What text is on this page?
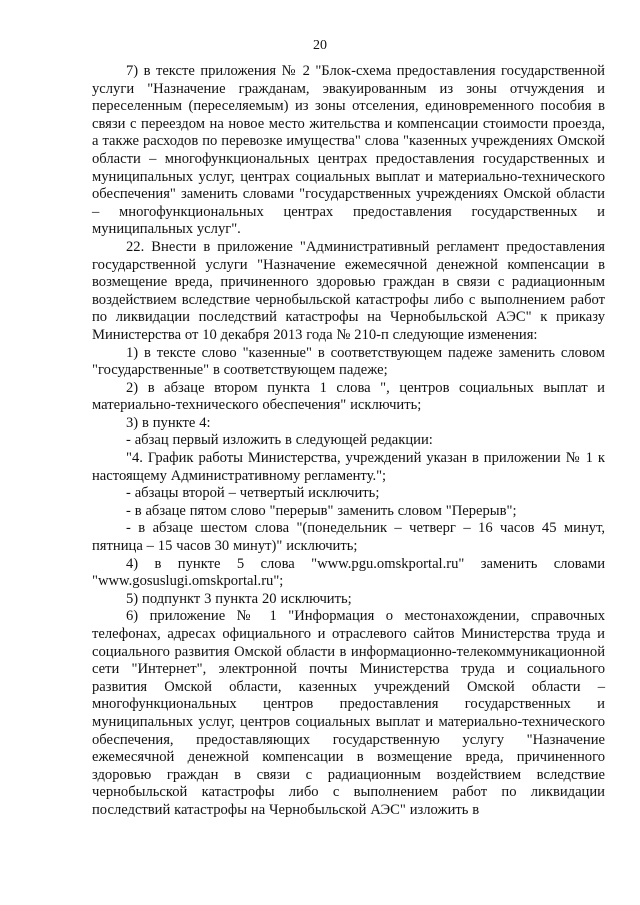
20

7) в тексте приложения № 2 "Блок-схема предоставления государственной услуги "Назначение гражданам, эвакуированным из зоны отчуждения и переселенным (переселяемым) из зоны отселения, единовременного пособия в связи с переездом на новое место жительства и компенсации стоимости проезда, а также расходов по перевозке имущества" слова "казенных учреждениях Омской области – многофункциональных центрах предоставления государственных и муниципальных услуг, центрах социальных выплат и материально-технического обеспечения" заменить словами "государственных учреждениях Омской области – многофункциональных центрах предоставления государственных и муниципальных услуг".

22. Внести в приложение "Административный регламент предоставления государственной услуги "Назначение ежемесячной денежной компенсации в возмещение вреда, причиненного здоровью граждан в связи с радиационным воздействием вследствие чернобыльской катастрофы либо с выполнением работ по ликвидации последствий катастрофы на Чернобыльской АЭС" к приказу Министерства от 10 декабря 2013 года № 210-п следующие изменения:

1) в тексте слово "казенные" в соответствующем падеже заменить словом "государственные" в соответствующем падеже;

2) в абзаце втором пункта 1 слова ", центров социальных выплат и материально-технического обеспечения" исключить;

3) в пункте 4:

- абзац первый изложить в следующей редакции:

"4. График работы Министерства, учреждений указан в приложении № 1 к настоящему Административному регламенту.";

- абзацы второй – четвертый исключить;

- в абзаце пятом слово "перерыв" заменить словом "Перерыв";

- в абзаце шестом слова "(понедельник – четверг – 16 часов 45 минут, пятница – 15 часов 30 минут)" исключить;

4) в пункте 5 слова "www.pgu.omskportal.ru" заменить словами "www.gosuslugi.omskportal.ru";

5) подпункт 3 пункта 20 исключить;

6) приложение № 1 "Информация о местонахождении, справочных телефонах, адресах официального и отраслевого сайтов Министерства труда и социального развития Омской области в информационно-телекоммуникационной сети "Интернет", электронной почты Министерства труда и социального развития Омской области, казенных учреждений Омской области – многофункциональных центров предоставления государственных и муниципальных услуг, центров социальных выплат и материально-технического обеспечения, предоставляющих государственную услугу "Назначение ежемесячной денежной компенсации в возмещение вреда, причиненного здоровью граждан в связи с радиационным воздействием вследствие чернобыльской катастрофы либо с выполнением работ по ликвидации последствий катастрофы на Чернобыльской АЭС" изложить в
